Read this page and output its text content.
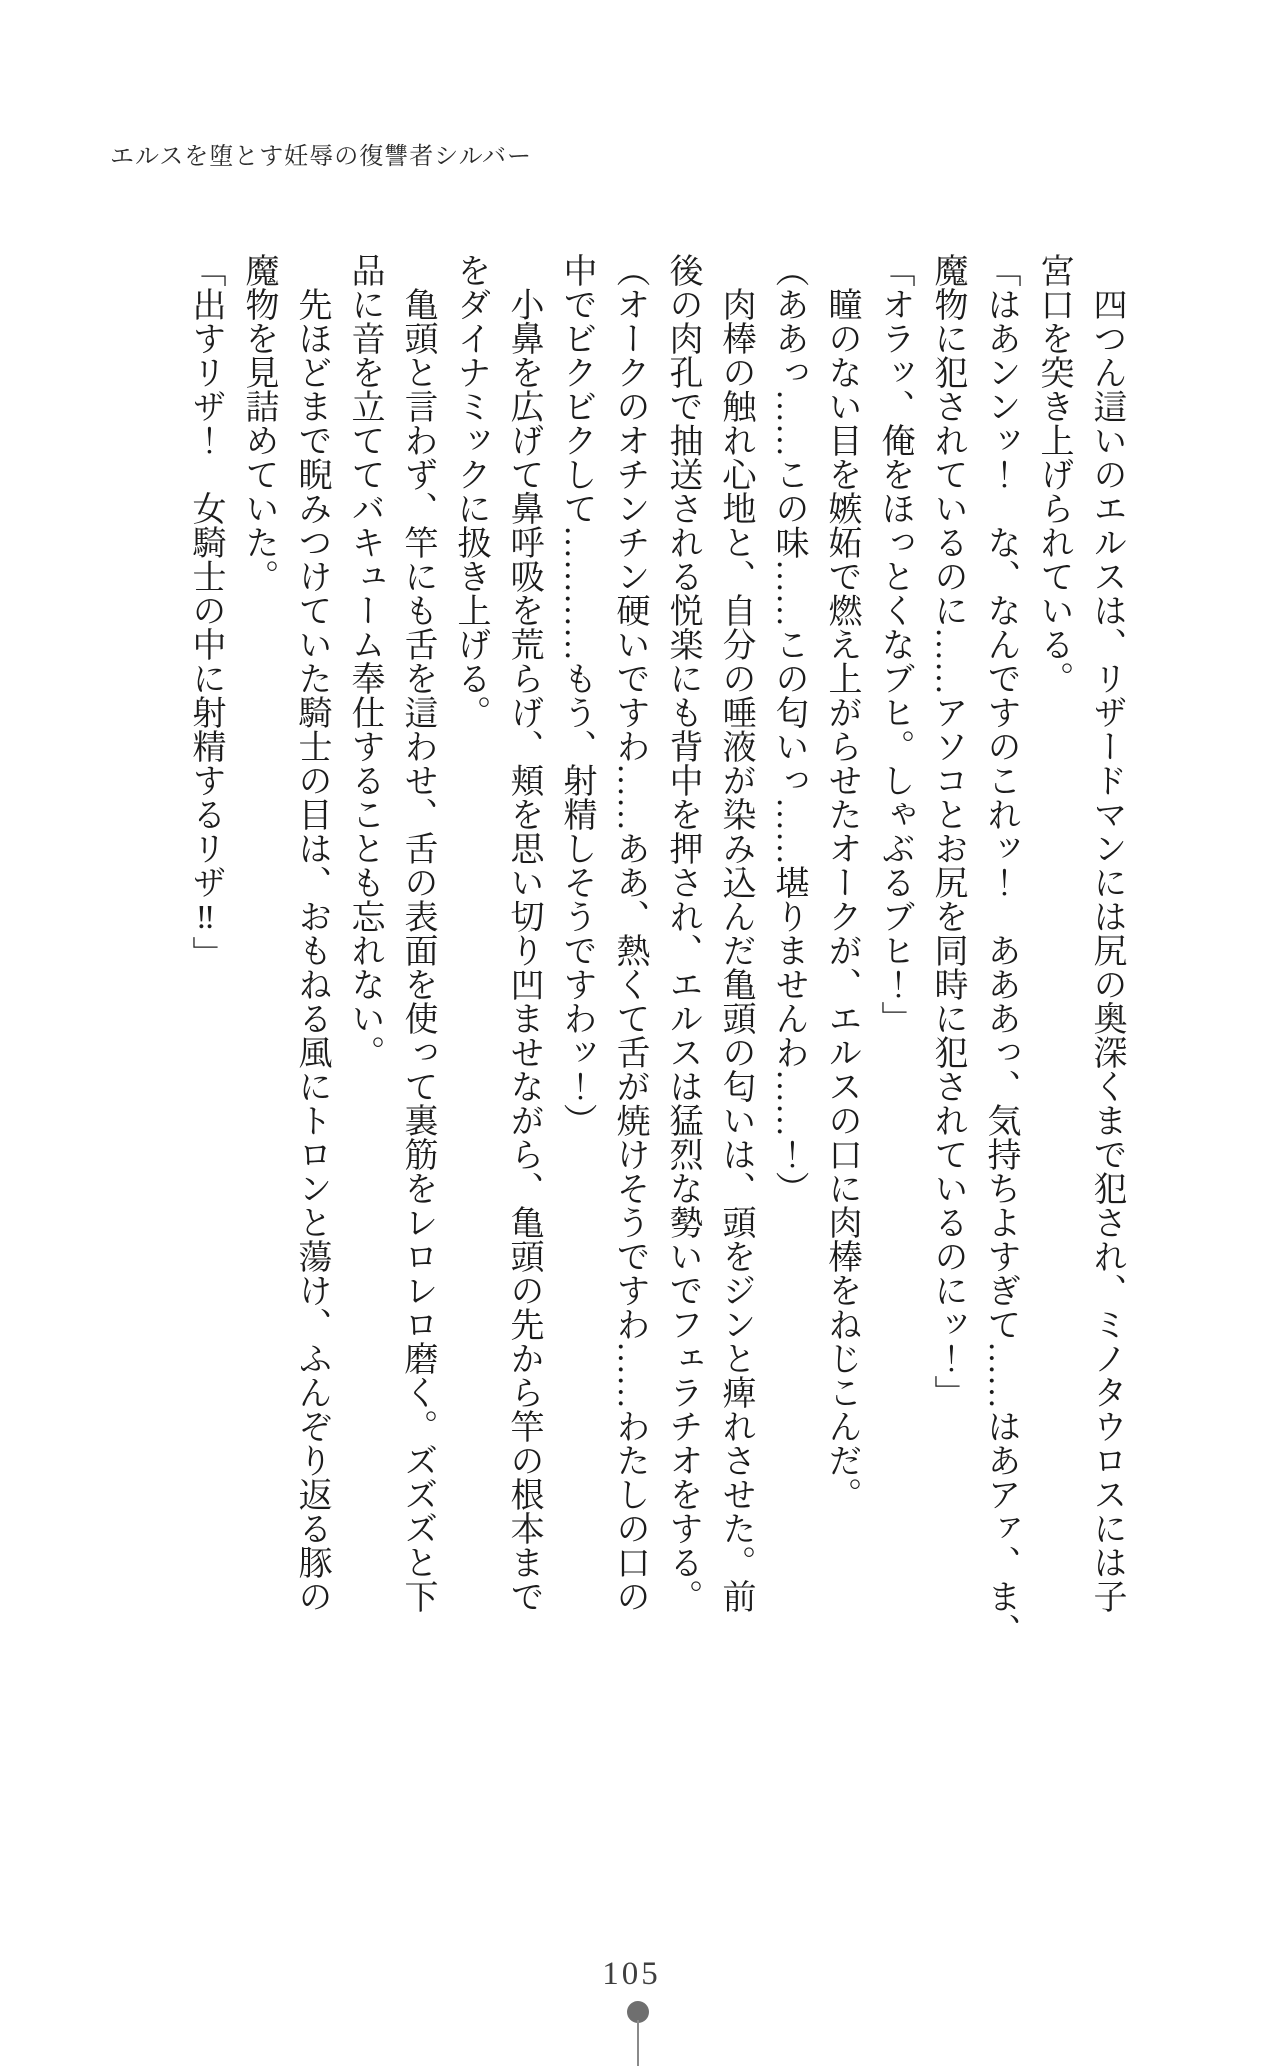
エルスを堕とす妊辱の復讐者シルバー

四つん這いのエルスは、リザードマンには尻の奥深くまで犯され、ミノタウロスには子

宮口を突き上げられている。

「はあンンッ！　な、なんですのこれッ！　あああっ、気持ちよすぎて……はあアァ、ま、

魔物に犯されているのに……アソコとお尻を同時に犯されているのにッ！」

「オラッ、俺をほっとくなブヒ。しゃぶるブヒ！」

瞳のない目を嫉妬で燃え上がらせたオークが、エルスの口に肉棒をねじこんだ。

（ああっ……この味……この匂いっ……堪りませんわ……！）

肉棒の触れ心地と、自分の唾液が染み込んだ亀頭の匂いは、頭をジンと痺れさせた。前

後の肉孔で抽送される悦楽にも背中を押され、エルスは猛烈な勢いでフェラチオをする。

（オークのオチンチン硬いですわ……ああ、熱くて舌が焼けそうですわ……わたしの口の

中でビクビクして…………もう、射精しそうですわッ！）

小鼻を広げて鼻呼吸を荒らげ、頬を思い切り凹ませながら、亀頭の先から竿の根本まで

をダイナミックに扱き上げる。

亀頭と言わず、竿にも舌を這わせ、舌の表面を使って裏筋をレロレロ磨く。ズズズと下

品に音を立ててバキューム奉仕することも忘れない。

先ほどまで睨みつけていた騎士の目は、おもねる風にトロンと蕩け、ふんぞり返る豚の

魔物を見詰めていた。

「出すリザ！　女騎士の中に射精するリザ‼」

105
